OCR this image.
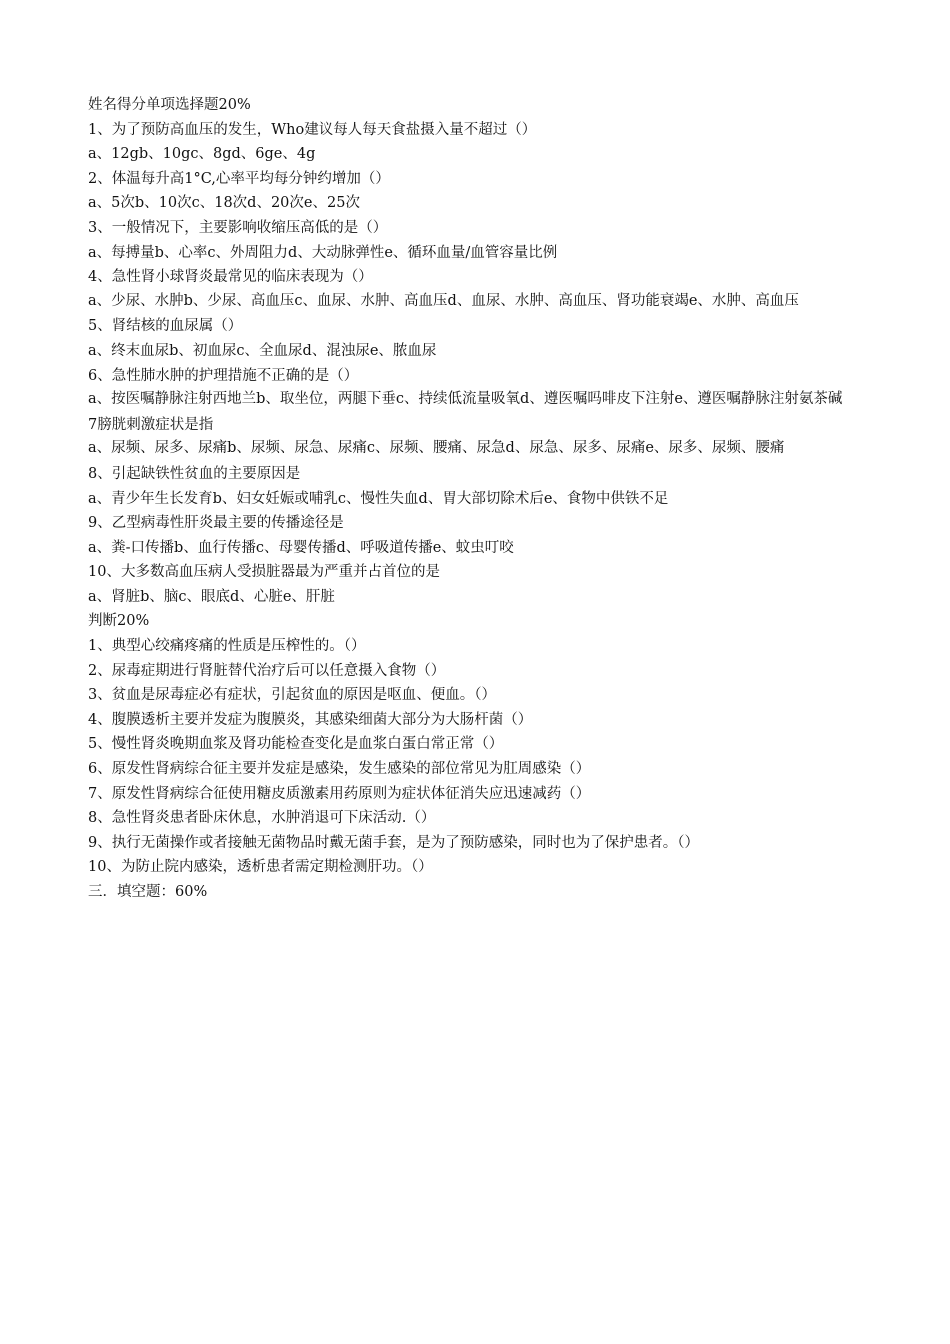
姓名得分单项选择题20%

1、为了预防高血压的发生，Who建议每人每天食盐摄入量不超过（）

a、12gb、10gc、8gd、6ge、4g

2、体温每升高1°C,心率平均每分钟约增加（）

a、5次b、10次c、18次d、20次e、25次

3、一般情况下，主要影响收缩压高低的是（）

a、每搏量b、心率c、外周阻力d、大动脉弹性e、循环血量/血管容量比例

4、急性肾小球肾炎最常见的临床表现为（）

a、少尿、水肿b、少尿、高血压c、血尿、水肿、高血压d、血尿、水肿、高血压、肾功能衰竭e、水肿、高血压

5、肾结核的血尿属（）

a、终末血尿b、初血尿c、全血尿d、混浊尿e、脓血尿

6、急性肺水肿的护理措施不正确的是（）

a、按医嘱静脉注射西地兰b、取坐位，两腿下垂c、持续低流量吸氧d、遵医嘱吗啡皮下注射e、遵医嘱静脉注射氨茶碱

7膀胱刺激症状是指

a、尿频、尿多、尿痛b、尿频、尿急、尿痛c、尿频、腰痛、尿急d、尿急、尿多、尿痛e、尿多、尿频、腰痛

8、引起缺铁性贫血的主要原因是

a、青少年生长发育b、妇女妊娠或哺乳c、慢性失血d、胃大部切除术后e、食物中供铁不足

9、乙型病毒性肝炎最主要的传播途径是

a、粪-口传播b、血行传播c、母婴传播d、呼吸道传播e、蚊虫叮咬

10、大多数高血压病人受损脏器最为严重并占首位的是

a、肾脏b、脑c、眼底d、心脏e、肝脏

判断20%

1、典型心绞痛疼痛的性质是压榨性的。（）

2、尿毒症期进行肾脏替代治疗后可以任意摄入食物（）

3、贫血是尿毒症必有症状，引起贫血的原因是呕血、便血。（）

4、腹膜透析主要并发症为腹膜炎，其感染细菌大部分为大肠杆菌（）

5、慢性肾炎晚期血浆及肾功能检查变化是血浆白蛋白常正常（）

6、原发性肾病综合征主要并发症是感染，发生感染的部位常见为肛周感染（）

7、原发性肾病综合征使用糖皮质激素用药原则为症状体征消失应迅速减药（）

8、急性肾炎患者卧床休息，水肿消退可下床活动.（）

9、执行无菌操作或者接触无菌物品时戴无菌手套，是为了预防感染，同时也为了保护患者。（）

10、为防止院内感染，透析患者需定期检测肝功。（）

三．填空题：60%
